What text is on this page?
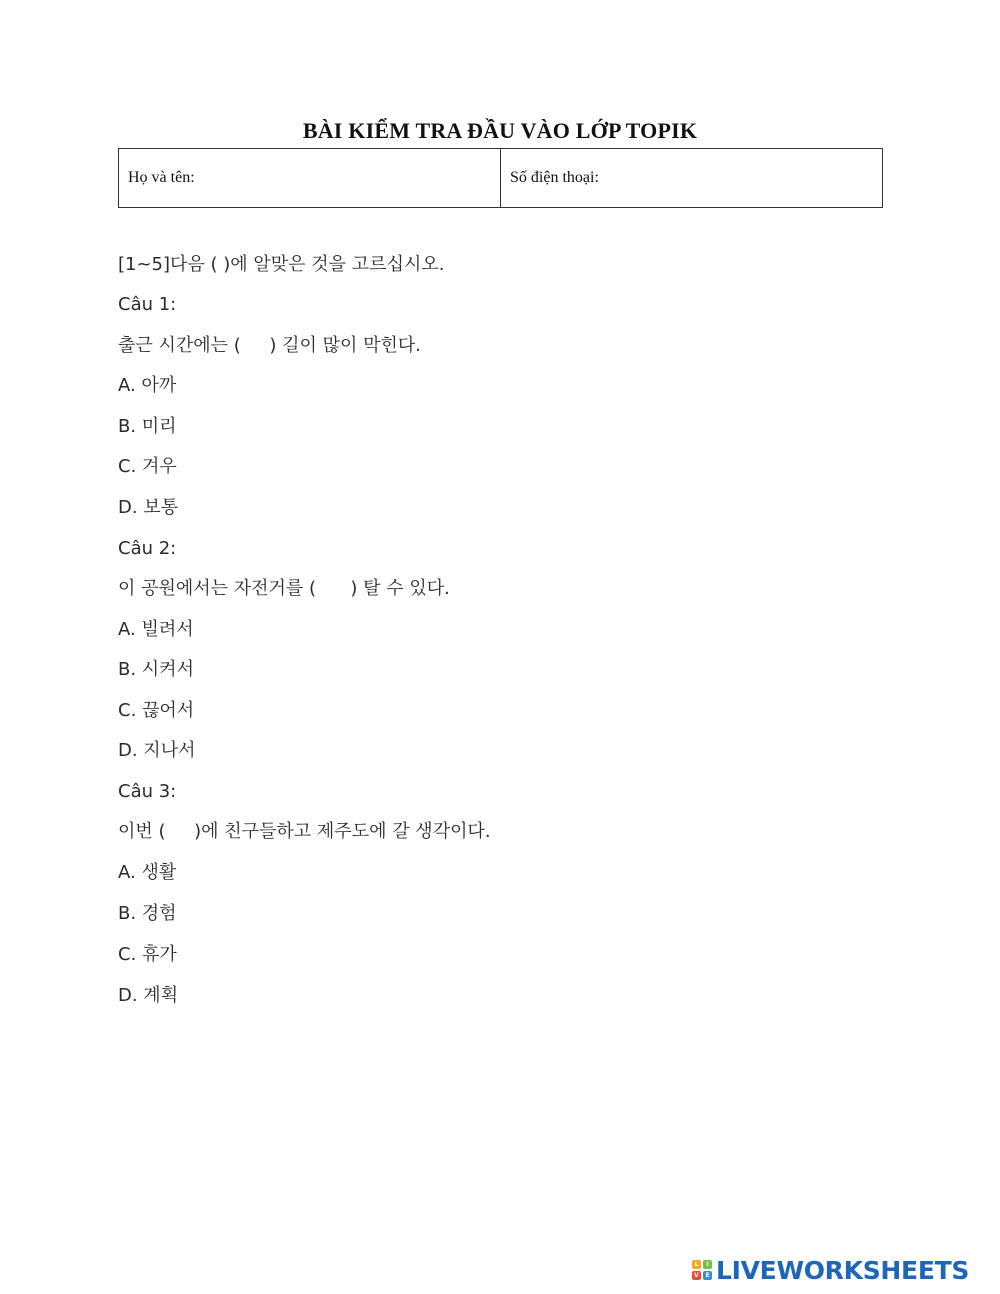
BÀI KIỂM TRA ĐẦU VÀO LỚP TOPIK
Họ và tên:	Số điện thoại:
[1~5]다음 ( )에 알맞은 것을 고르십시오.
Câu 1:
출근 시간에는 (     ) 길이 많이 막힌다.
A. 아까
B. 미리
C. 겨우
D. 보통
Câu 2:
이 공원에서는 자전거를 (      ) 탈 수 있다.
A. 빌려서
B. 시켜서
C. 끊어서
D. 지나서
Câu 3:
이번 (     )에 친구들하고 제주도에 갈 생각이다.
A. 생활
B. 경험
C. 휴가
D. 계획
L	I
V	E LIVEWORKSHEETS
